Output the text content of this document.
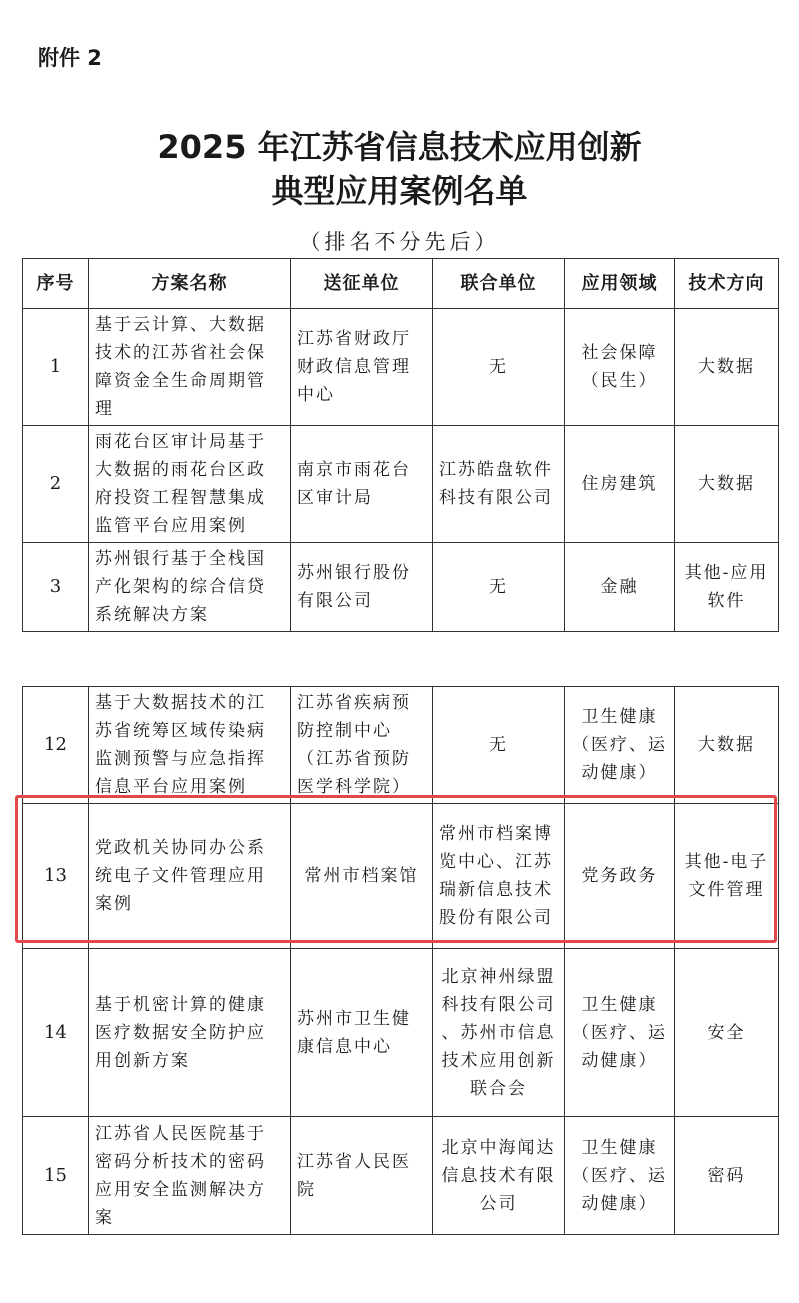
附件 2
2025 年江苏省信息技术应用创新
典型应用案例名单
（排名不分先后）
序号	方案名称	送征单位	联合单位	应用领域	技术方向
1	基于云计算、大数据技术的江苏省社会保障资金全生命周期管理	江苏省财政厅财政信息管理中心	无	社会保障（民生）	大数据
2	雨花台区审计局基于大数据的雨花台区政府投资工程智慧集成监管平台应用案例	南京市雨花台区审计局	江苏皓盘软件科技有限公司	住房建筑	大数据
3	苏州银行基于全栈国产化架构的综合信贷系统解决方案	苏州银行股份有限公司	无	金融	其他-应用软件
12	基于大数据技术的江苏省统筹区域传染病监测预警与应急指挥信息平台应用案例	江苏省疾病预防控制中心（江苏省预防医学科学院）	无	卫生健康（医疗、运动健康）	大数据
13	党政机关协同办公系统电子文件管理应用案例	常州市档案馆	常州市档案博览中心、江苏瑞新信息技术股份有限公司	党务政务	其他-电子文件管理
14	基于机密计算的健康医疗数据安全防护应用创新方案	苏州市卫生健康信息中心	北京神州绿盟科技有限公司 、苏州市信息技术应用创新联合会	卫生健康（医疗、运动健康）	安全
15	江苏省人民医院基于密码分析技术的密码应用安全监测解决方案	江苏省人民医院	北京中海闻达信息技术有限公司	卫生健康（医疗、运动健康）	密码
